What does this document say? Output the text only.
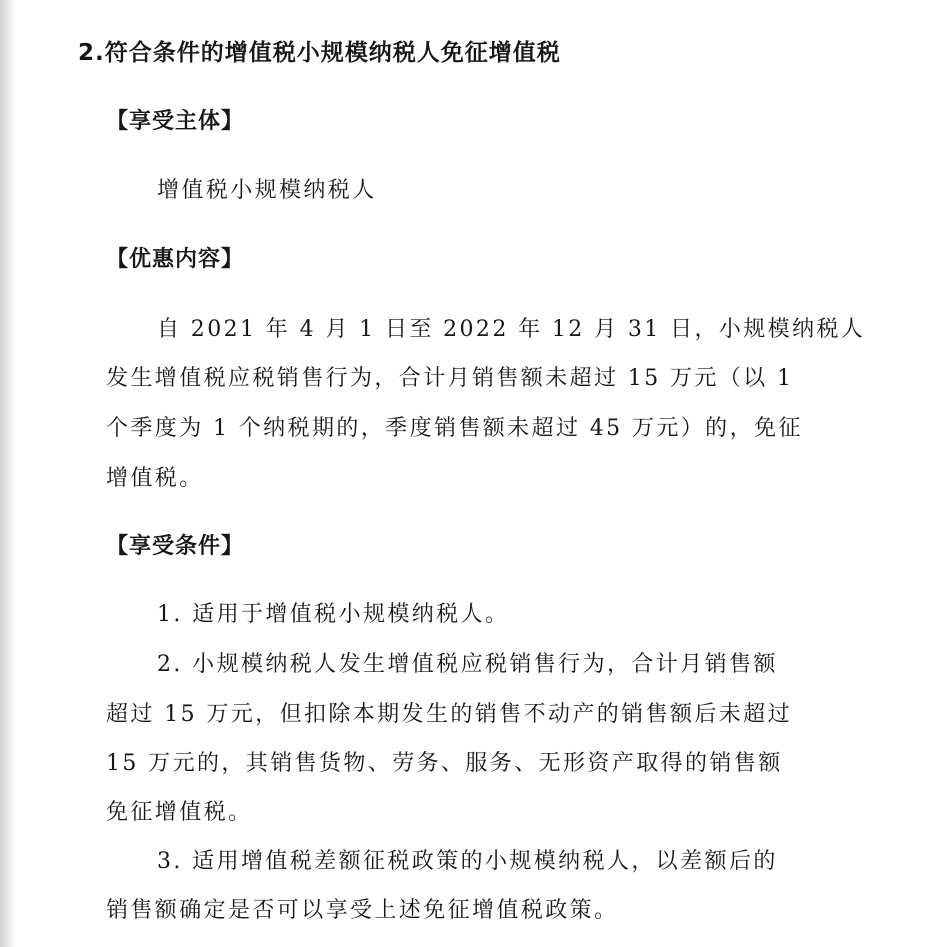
2.符合条件的增值税小规模纳税人免征增值税
【享受主体】
增值税小规模纳税人
【优惠内容】
自 2021 年 4 月 1 日至 2022 年 12 月 31 日，小规模纳税人
发生增值税应税销售行为，合计月销售额未超过 15 万元（以 1
个季度为 1 个纳税期的，季度销售额未超过 45 万元）的，免征
增值税。
【享受条件】
1. 适用于增值税小规模纳税人。
2. 小规模纳税人发生增值税应税销售行为，合计月销售额
超过 15 万元，但扣除本期发生的销售不动产的销售额后未超过
15 万元的，其销售货物、劳务、服务、无形资产取得的销售额
免征增值税。
3. 适用增值税差额征税政策的小规模纳税人，以差额后的
销售额确定是否可以享受上述免征增值税政策。
